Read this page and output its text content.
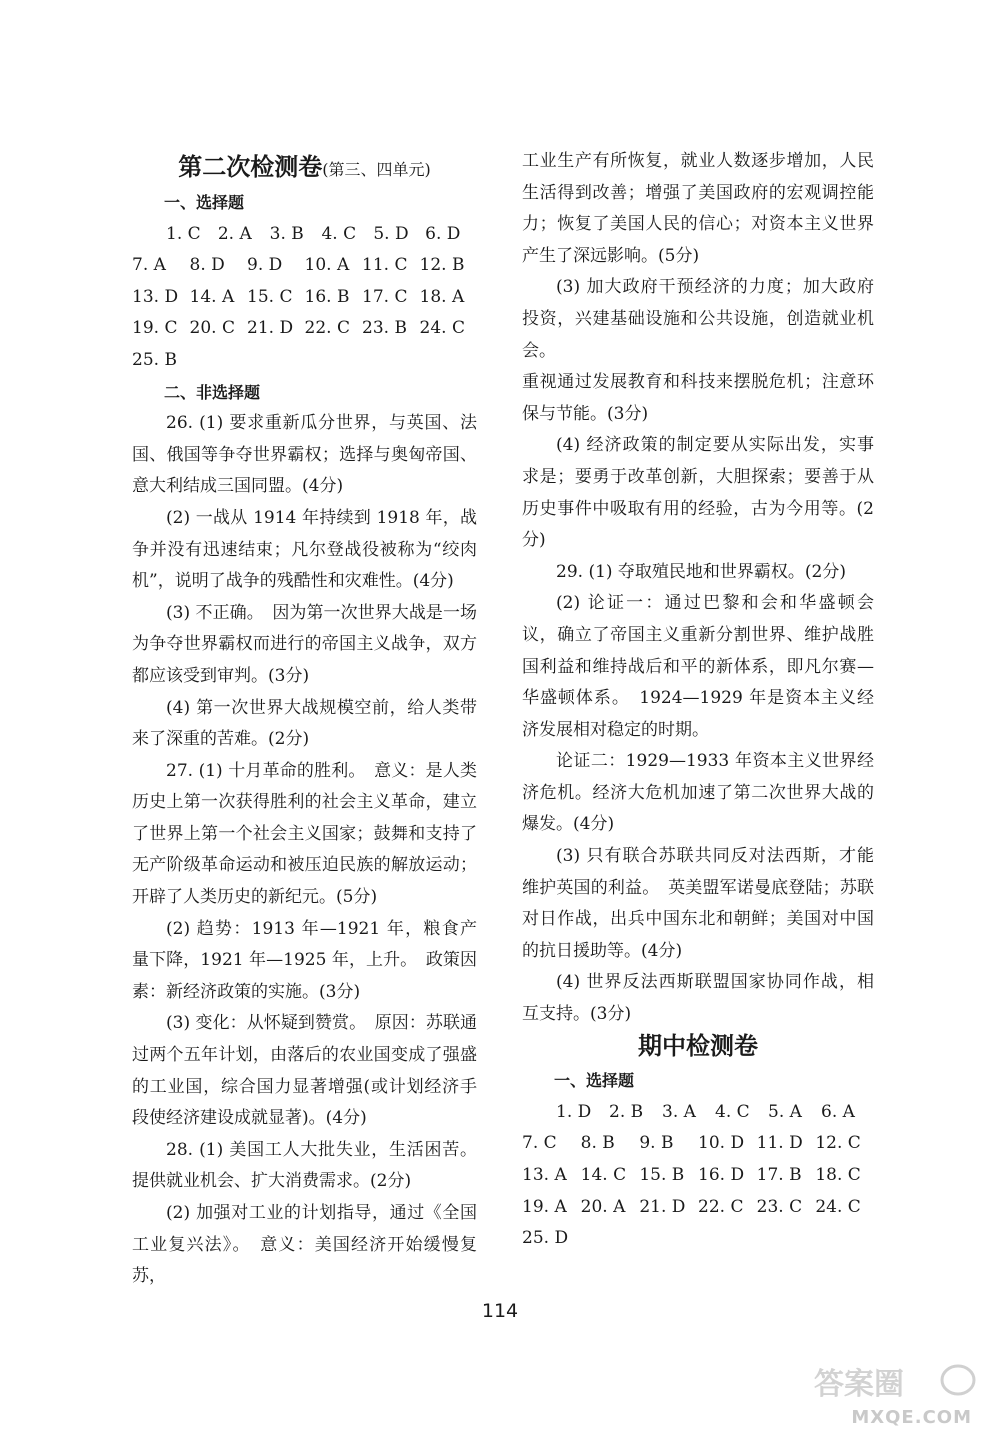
第二次检测卷(第三、四单元)

一、选择题

1. C	2. A	3. B	4. C	5. D 6. D
7. A	8. D	9. D	10. A 11. C 12. B
13. D 14. A 15. C 16. B 17. C 18. A
19. C 20. C 21. D 22. C 23. B 24. C
25. B

二、非选择题

26. (1) 要求重新瓜分世界，与英国、法国、俄国等争夺世界霸权；选择与奥匈帝国、意大利结成三国同盟。(4分)

(2) 一战从 1914 年持续到 1918 年，战争并没有迅速结束；凡尔登战役被称为“绞肉机”，说明了战争的残酷性和灾难性。(4分)

(3) 不正确。　因为第一次世界大战是一场为争夺世界霸权而进行的帝国主义战争，双方都应该受到审判。(3分)

(4) 第一次世界大战规模空前，给人类带来了深重的苦难。(2分)

27. (1) 十月革命的胜利。　意义：是人类历史上第一次获得胜利的社会主义革命，建立了世界上第一个社会主义国家；鼓舞和支持了无产阶级革命运动和被压迫民族的解放运动；开辟了人类历史的新纪元。(5分)

(2) 趋势：1913 年—1921 年，粮食产量下降，1921 年—1925 年，上升。　政策因素：新经济政策的实施。(3分)

(3) 变化：从怀疑到赞赏。　原因：苏联通过两个五年计划，由落后的农业国变成了强盛的工业国，综合国力显著增强(或计划经济手段使经济建设成就显著)。(4分)

28. (1) 美国工人大批失业，生活困苦。提供就业机会、扩大消费需求。(2分)

(2) 加强对工业的计划指导，通过《全国工业复兴法》。　意义：美国经济开始缓慢复苏，

工业生产有所恢复，就业人数逐步增加，人民生活得到改善；增强了美国政府的宏观调控能力；恢复了美国人民的信心；对资本主义世界产生了深远影响。(5分)

(3) 加大政府干预经济的力度；加大政府投资，兴建基础设施和公共设施，创造就业机会。

重视通过发展教育和科技来摆脱危机；注意环保与节能。(3分)

(4) 经济政策的制定要从实际出发，实事求是；要勇于改革创新，大胆探索；要善于从历史事件中吸取有用的经验，古为今用等。(2分)

29. (1) 夺取殖民地和世界霸权。(2分)

(2) 论证一：通过巴黎和会和华盛顿会议，确立了帝国主义重新分割世界、维护战胜国利益和维持战后和平的新体系，即凡尔赛—华盛顿体系。　1924—1929 年是资本主义经济发展相对稳定的时期。

论证二：1929—1933 年资本主义世界经济危机。经济大危机加速了第二次世界大战的爆发。(4分)

(3) 只有联合苏联共同反对法西斯，才能维护英国的利益。　英美盟军诺曼底登陆；苏联对日作战，出兵中国东北和朝鲜；美国对中国的抗日援助等。(4分)

(4) 世界反法西斯联盟国家协同作战，相互支持。(3分)

期中检测卷

一、选择题

1. D	2. B	3. A	4. C	5. A	6. A
7. C	8. B	9. B	10. D 11. D 12. C
13. A 14. C 15. B 16. D 17. B 18. C
19. A 20. A 21. D 22. C 23. C 24. C
25. D
114
答案圈
MXQE.COM
